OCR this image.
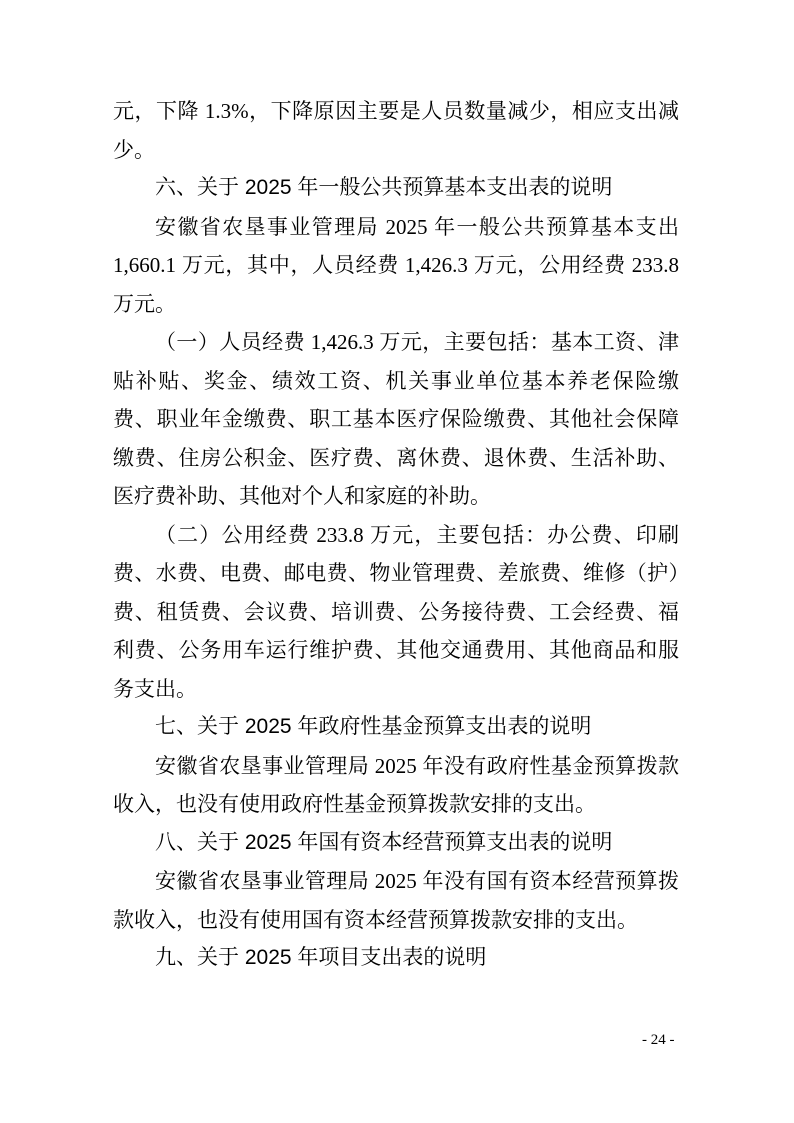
元，下降 1.3%，下降原因主要是人员数量减少，相应支出减少。

六、关于 2025 年一般公共预算基本支出表的说明

安徽省农垦事业管理局 2025 年一般公共预算基本支出 1,660.1 万元，其中，人员经费 1,426.3 万元，公用经费 233.8 万元。

（一）人员经费 1,426.3 万元，主要包括：基本工资、津贴补贴、奖金、绩效工资、机关事业单位基本养老保险缴费、职业年金缴费、职工基本医疗保险缴费、其他社会保障缴费、住房公积金、医疗费、离休费、退休费、生活补助、医疗费补助、其他对个人和家庭的补助。

（二）公用经费 233.8 万元，主要包括：办公费、印刷费、水费、电费、邮电费、物业管理费、差旅费、维修（护）费、租赁费、会议费、培训费、公务接待费、工会经费、福利费、公务用车运行维护费、其他交通费用、其他商品和服务支出。

七、关于 2025 年政府性基金预算支出表的说明

安徽省农垦事业管理局 2025 年没有政府性基金预算拨款收入，也没有使用政府性基金预算拨款安排的支出。

八、关于 2025 年国有资本经营预算支出表的说明

安徽省农垦事业管理局 2025 年没有国有资本经营预算拨款收入，也没有使用国有资本经营预算拨款安排的支出。

九、关于 2025 年项目支出表的说明
- 24 -
